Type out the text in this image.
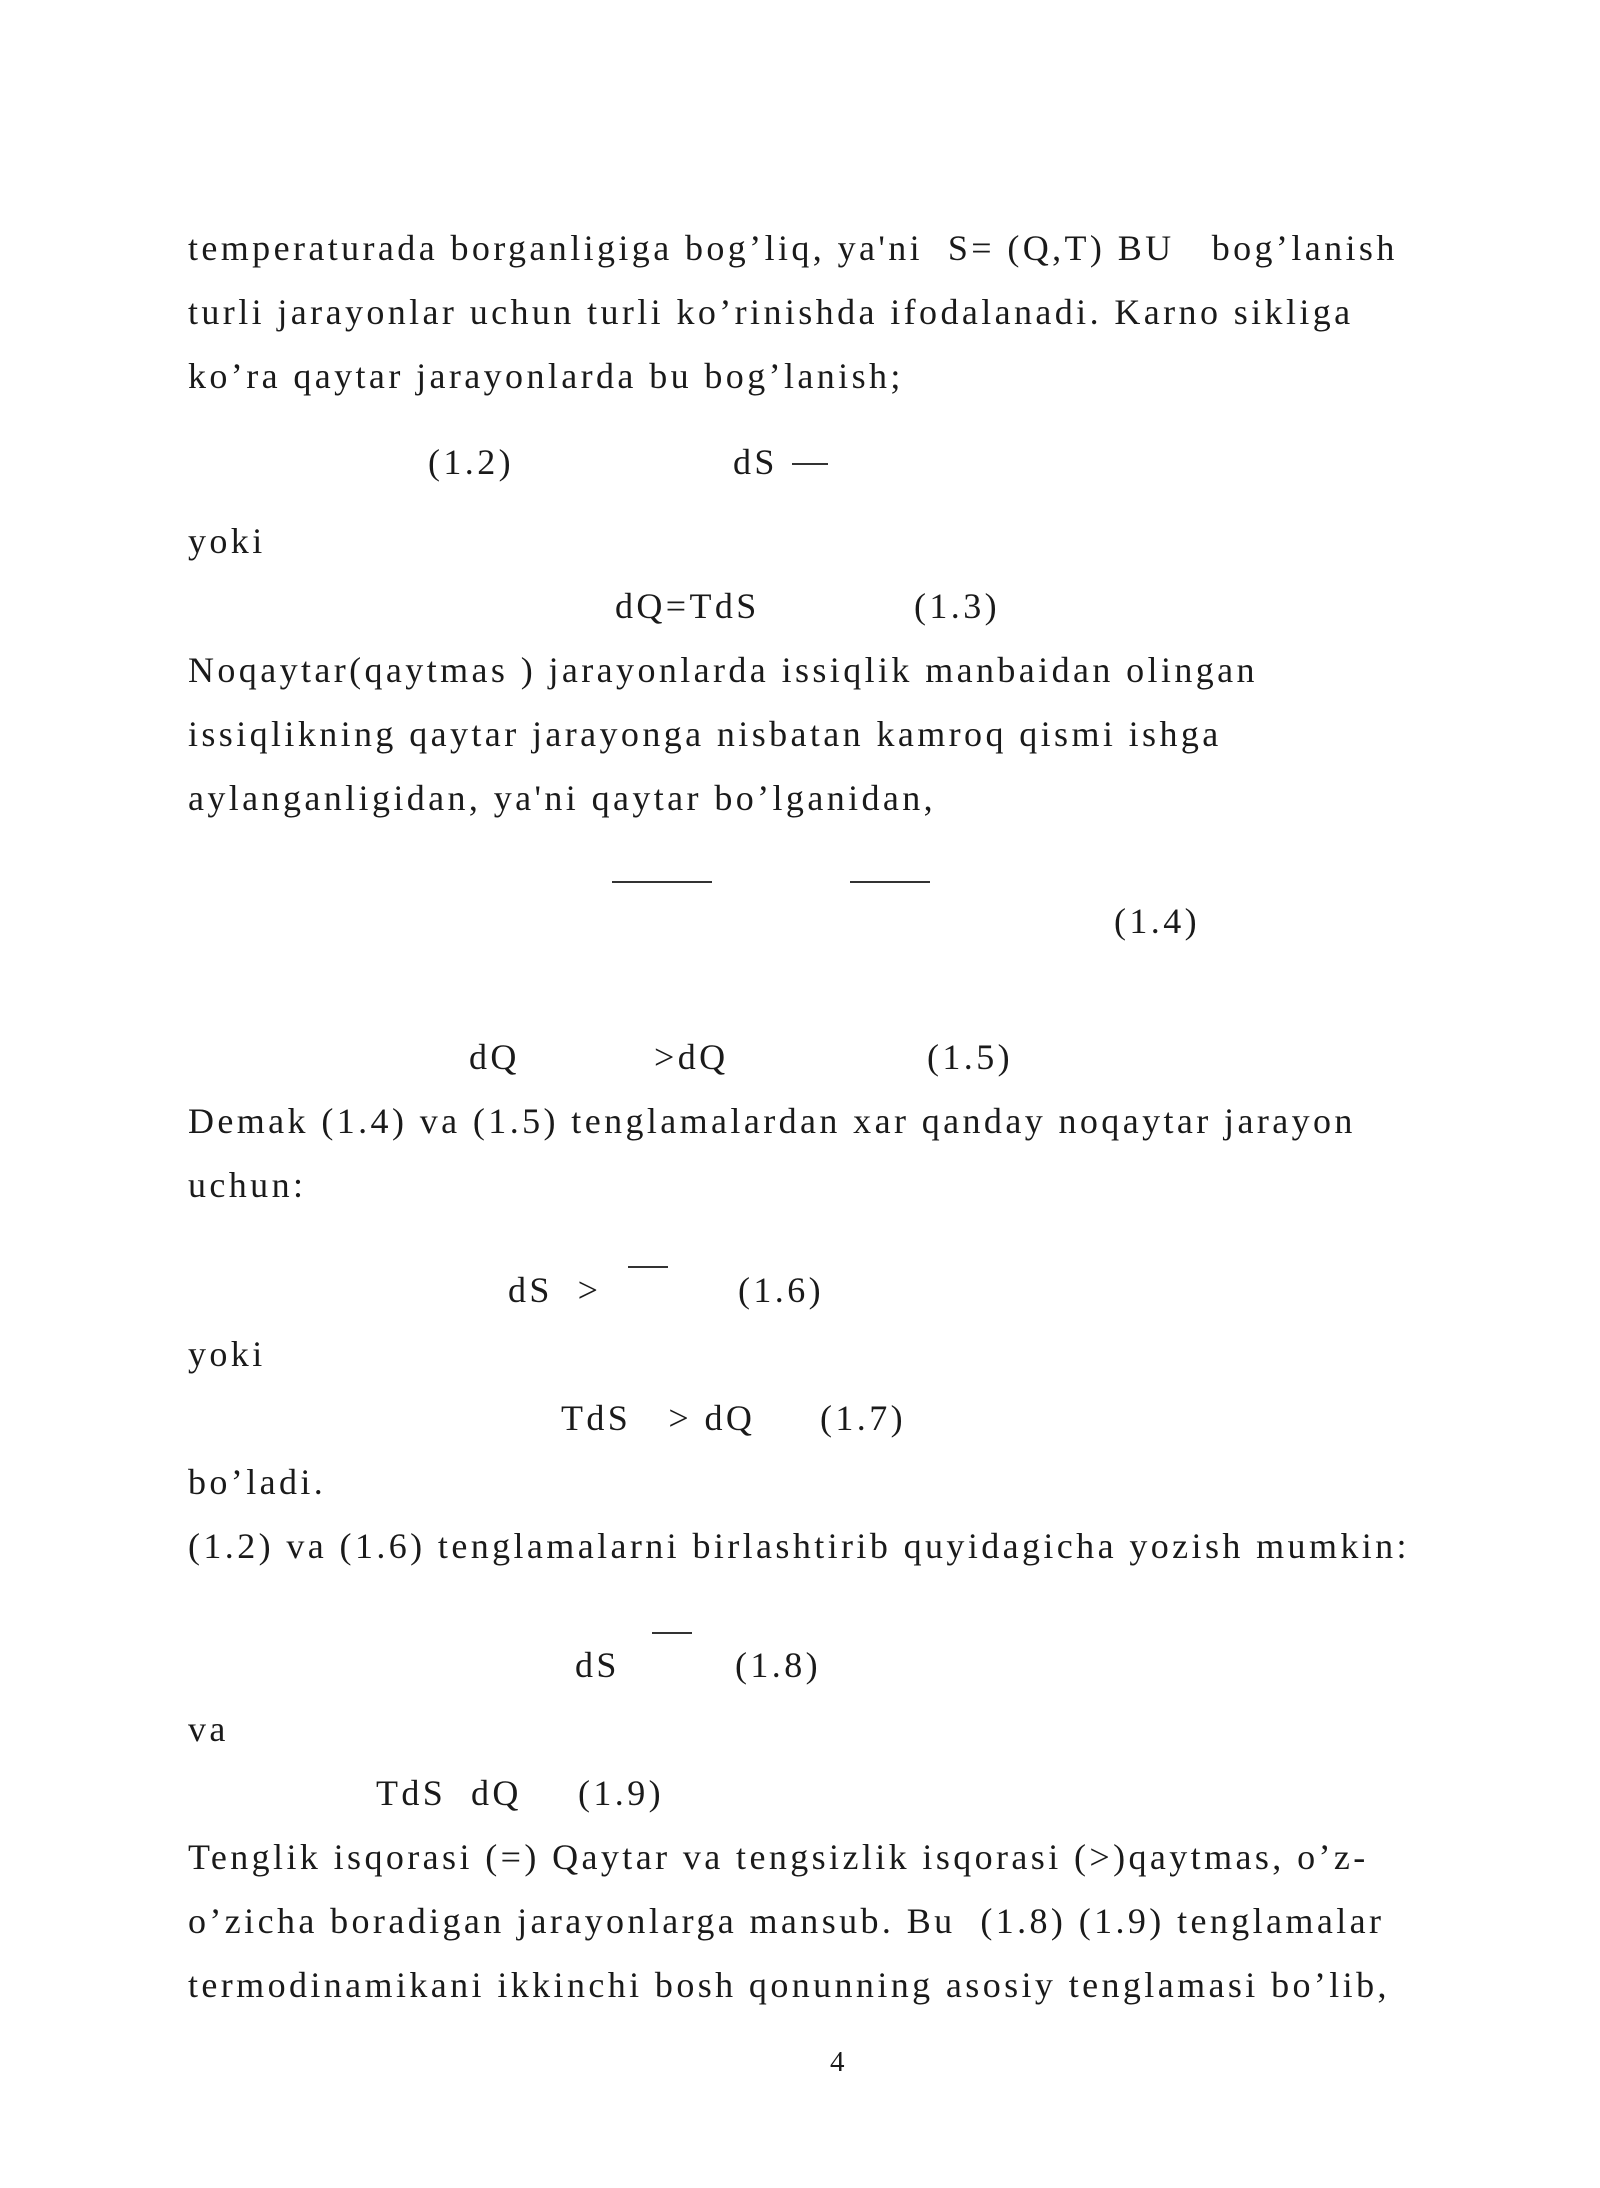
temperaturada borganligiga bog’liq, ya'ni  S= (Q,T) BU   bog’lanish
turli jarayonlar uchun turli ko’rinishda ifodalanadi. Karno sikliga
ko’ra qaytar jarayonlarda bu bog’lanish;
(1.2)	dS
yoki
dQ=TdS	(1.3)
Noqaytar(qaytmas ) jarayonlarda issiqlik manbaidan olingan
issiqlikning qaytar jarayonga nisbatan kamroq qismi ishga
aylanganligidan, ya'ni qaytar bo’lganidan,
(1.4)
dQ	>dQ	(1.5)
Demak (1.4) va (1.5) tenglamalardan xar qanday noqaytar jarayon
uchun:
dS  >	(1.6)
yoki
TdS   > dQ (1.7)
bo’ladi.
(1.2) va (1.6) tenglamalarni birlashtirib quyidagicha yozish mumkin:
dS	(1.8)
va
TdS  dQ (1.9)
Tenglik isqorasi (=) Qaytar va tengsizlik isqorasi (>)qaytmas, o’z-
o’zicha boradigan jarayonlarga mansub. Bu  (1.8) (1.9) tenglamalar
termodinamikani ikkinchi bosh qonunning asosiy tenglamasi bo’lib,
4
